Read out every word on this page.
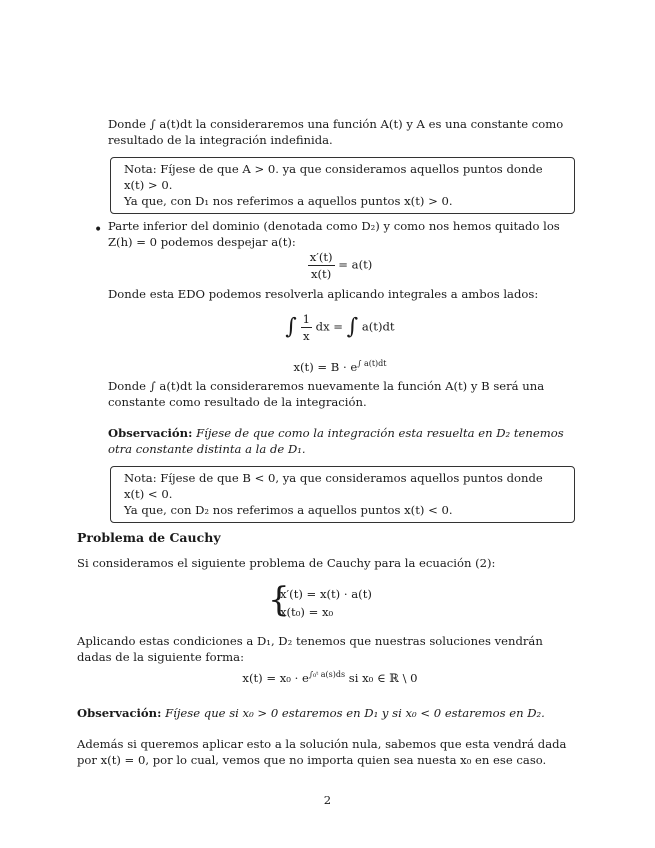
Donde ∫ a(t)dt la consideraremos una función A(t) y A es una constante como resultado de la integración indefinida.
Nota: Fíjese de que A > 0. ya que consideramos aquellos puntos donde x(t) > 0.
Ya que, con D₁ nos referimos a aquellos puntos x(t) > 0.
• Parte inferior del dominio (denotada como D₂) y como nos hemos quitado los Z(h) = 0 podemos despejar a(t):
$\frac{x'(t)}{x(t)} = a(t)$
Donde esta EDO podemos resolverla aplicando integrales a ambos lados:
∫ $\frac{1}{x}$ dx = ∫ a(t)dt
$x(t) = B \cdot e^{\int a(t)dt}$
Donde ∫ a(t)dt la consideraremos nuevamente la función A(t) y B será una constante como resultado de la integración.
Observación: Fíjese de que como la integración esta resuelta en D₂ tenemos otra constante distinta a la de D₁.
Nota: Fíjese de que B < 0, ya que consideramos aquellos puntos donde x(t) < 0.
Ya que, con D₂ nos referimos a aquellos puntos x(t) < 0.
Problema de Cauchy
Si consideramos el siguiente problema de Cauchy para la ecuación (2):
{
x′(t) = x(t) · a(t)
x(t₀) = x₀
Aplicando estas condiciones a D₁, D₂ tenemos que nuestras soluciones vendrán dadas de la siguiente forma:
$x(t) = x_0 \cdot e^{\int_0ᵗ a(s)ds}$ si x₀ ∈ ℝ \ 0
Observación: Fíjese que si x₀ > 0 estaremos en D₁ y si x₀ < 0 estaremos en D₂.
Además si queremos aplicar esto a la solución nula, sabemos que esta vendrá dada por x(t) = 0, por lo cual, vemos que no importa quien sea nuesta x₀ en ese caso.
2
